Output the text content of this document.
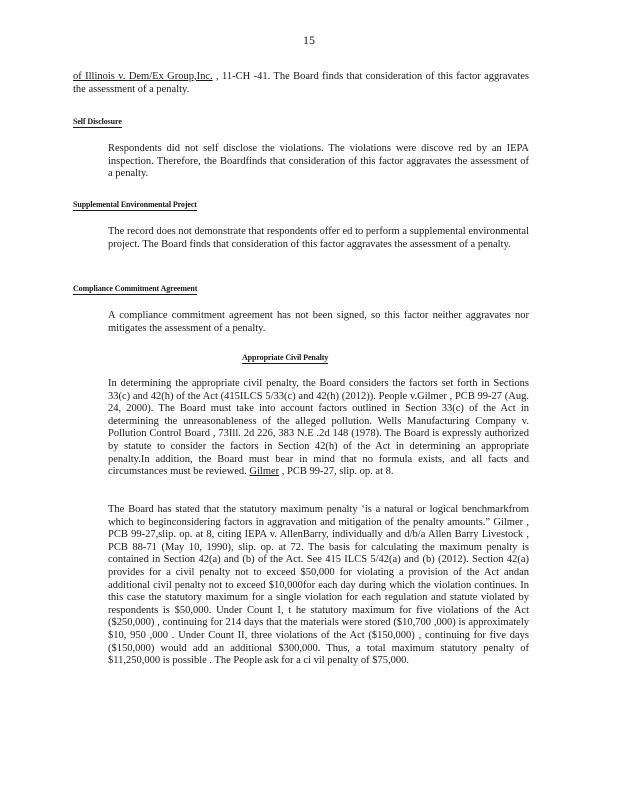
15
of Illinois v. Dem/Ex Group,Inc. , 11-CH -41. The Board finds that consideration of this factor aggravates the assessment of a penalty.
Self Disclosure
Respondents did not self disclose the violations. The violations were discove red by an IEPA inspection. Therefore, the Boardfinds that consideration of this factor aggravates the assessment of a penalty.
Supplemental Environmental Project
The record does not demonstrate that respondents offer ed to perform a supplemental environmental project. The Board finds that consideration of this factor aggravates the assessment of a penalty.
Compliance Commitment Agreement
A compliance commitment agreement has not been signed, so this factor neither aggravates nor mitigates the assessment of a penalty.
Appropriate Civil Penalty
In determining the appropriate civil penalty, the Board considers the factors set forth in Sections 33(c) and 42(h) of the Act (415ILCS 5/33(c) and 42(h) (2012)). People v.Gilmer , PCB 99-27 (Aug. 24, 2000). The Board must take into account factors outlined in Section 33(c) of the Act in determining the unreasonableness of the alleged pollution. Wells Manufacturing Company v. Pollution Control Board , 73Ill. 2d 226, 383 N.E .2d 148 (1978). The Board is expressly authorized by statute to consider the factors in Section 42(h) of the Act in determining an appropriate penalty.In addition, the Board must bear in mind that no formula exists, and all facts and circumstances must be reviewed. Gilmer , PCB 99-27, slip. op. at 8.
The Board has stated that the statutory maximum penalty ‘is a natural or logical benchmarkfrom which to beginconsidering factors in aggravation and mitigation of the penalty amounts.” Gilmer , PCB 99-27,slip. op. at 8, citing IEPA v. AllenBarry, individually and d/b/a Allen Barry Livestock , PCB 88-71 (May 10, 1990), slip. op. at 72. The basis for calculating the maximum penalty is contained in Section 42(a) and (b) of the Act. See 415 ILCS 5/42(a) and (b) (2012). Section 42(a) provides for a civil penalty not to exceed $50,000 for violating a provision of the Act andan additional civil penalty not to exceed $10,000for each day during which the violation continues. In this case the statutory maximum for a single violation for each regulation and statute violated by respondents is $50,000. Under Count I, t he statutory maximum for five violations of the Act ($250,000) , continuing for 214 days that the materials were stored ($10,700 ,000) is approximately $10, 950 ,000 . Under Count II, three violations of the Act ($150,000) , continuing for five days ($150,000) would add an additional $300,000. Thus, a total maximum statutory penalty of $11,250,000 is possible . The People ask for a ci vil penalty of $75,000.
